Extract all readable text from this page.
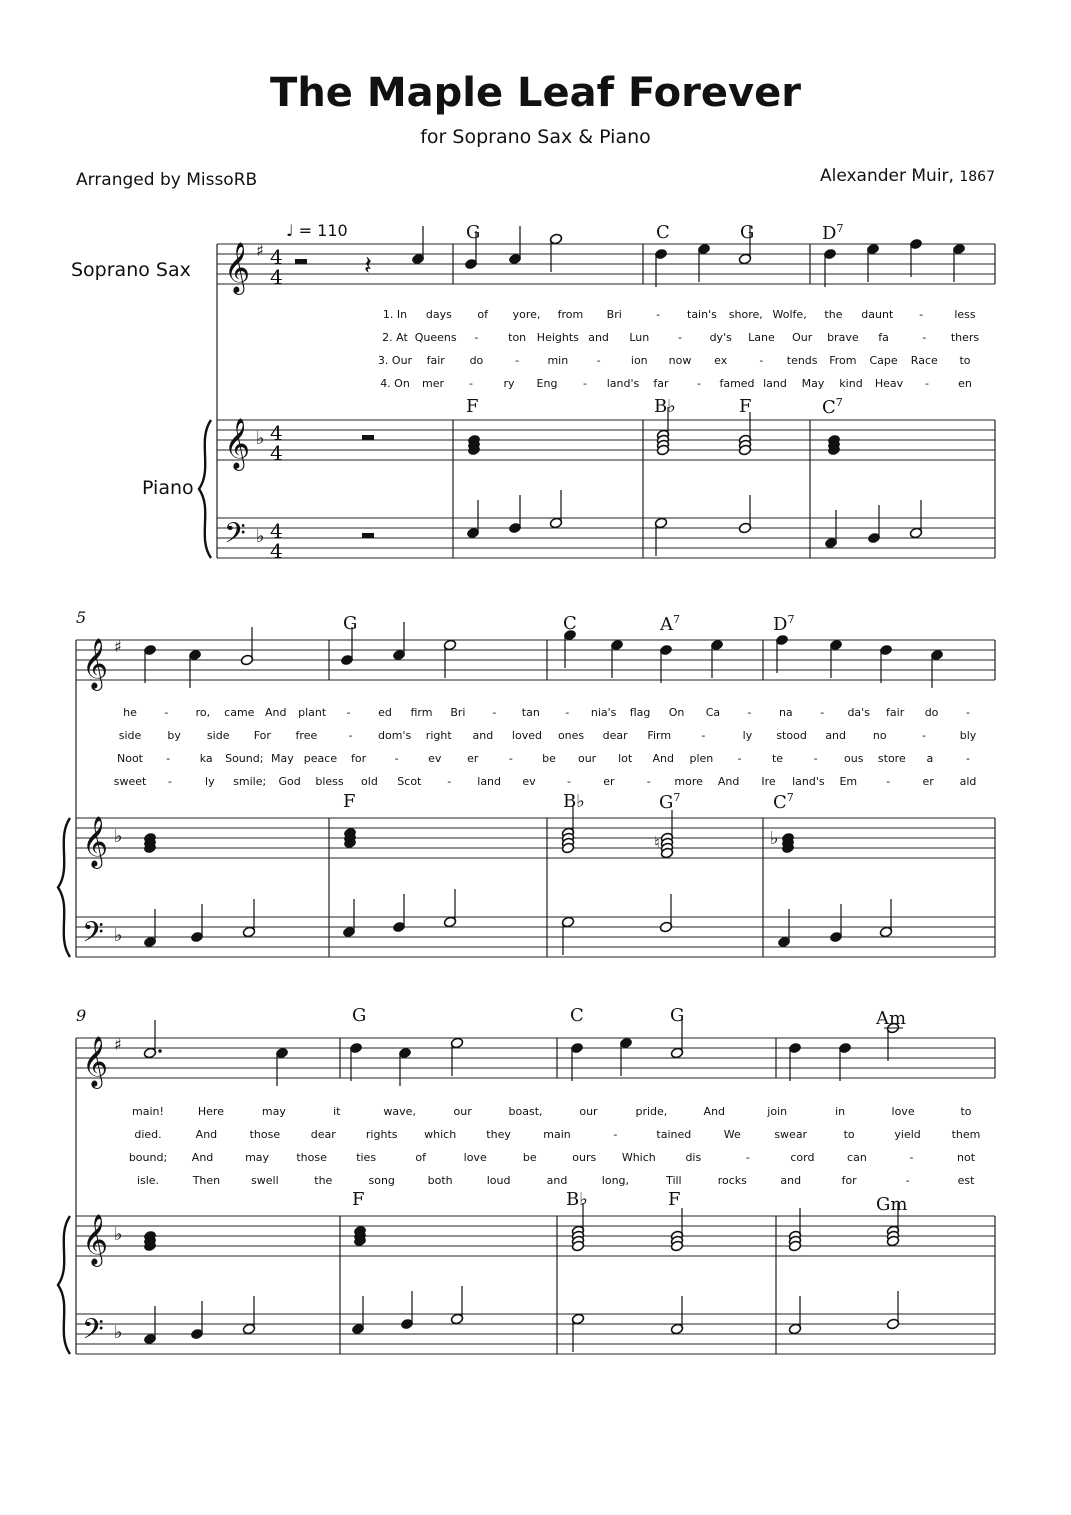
𝄞
𝄞
𝄢
♯
♭
♭
4
4
4
4
4
4
𝄞
𝄞
𝄢
♯
♭
♭
𝄞
𝄞
𝄢
♯
♭
♭
𝄽
♮	♭
The Maple Leaf Forever
for Soprano Sax & Piano
Arranged by MissoRB	Alexander Muir, 1867
Soprano Sax
Piano
♩ = 110
5
9
G	C	G	$D^7$
G	C	$A^7$	$D^7$
G	C	G	Am
F	B♭	F	$C^7$
F	B♭	$G^7$	$C^7$
F	B♭	F	Gm
1. In days of yore, from Bri	- tain's shore, Wolfe, the daunt -	less
2. At Queens -	ton Heights and Lun	-	dy's Lane Our brave fa	- thers
3. Our fair do	-	min	-	ion now ex	- tends From Cape Race to
4. On mer -	ry Eng - land's far	- famed land May kind Heav -	en
he	- ro, came And plant -	ed firm Bri - tan - nia's flag On Ca -	na	- da's fair do	-
side by side For free	- dom's right and loved ones dear Firm	-	ly stood and no	-	bly
Noot -	ka Sound; May peace for	-	ev er	-	be our lot And plen -	te	- ous store a	-
sweet -	ly smile; God bless old Scot - land ev	-	er	- more And Ire land's Em	-	er ald
main!	Here	may	it	wave,	our	boast,	our	pride,	And	join	in	love	to
died.	And	those	dear	rights which	they	main	-	tained	We	swear	to	yield	them
bound; And	may those	ties	of	love	be	ours Which	dis	-	cord	can	-	not
isle.	Then	swell	the	song	both	loud	and	long,	Till	rocks	and	for	-	est
